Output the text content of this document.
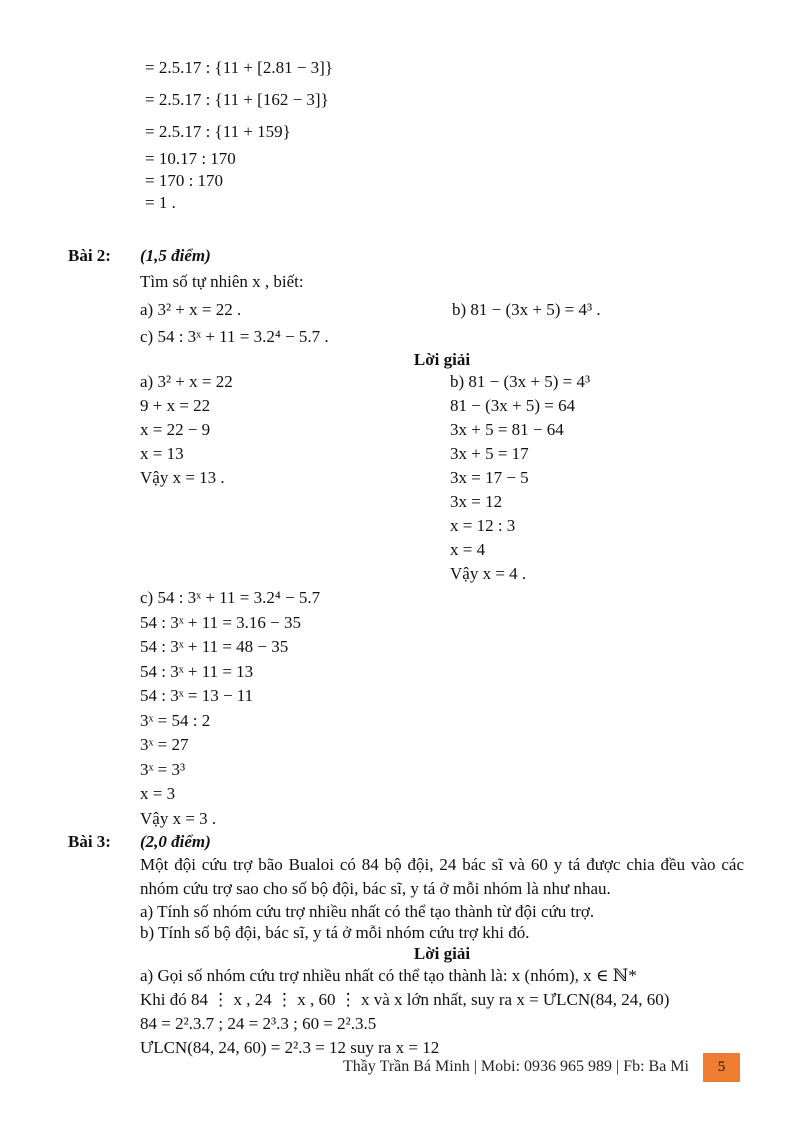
= 2.5.17 : {11 + [2.81 − 3]}
= 2.5.17 : {11 + [162 − 3]}
= 2.5.17 : {11 + 159}
= 10.17 : 170
= 170 : 170
= 1 .
Bài 2: (1,5 điểm)
Tìm số tự nhiên x , biết:
a) 3² + x = 22 .	b) 81 − (3x + 5) = 4³ .
c) 54 : 3ˣ + 11 = 3.2⁴ − 5.7 .
Lời giải
a) 3² + x = 22
9 + x = 22
x = 22 − 9
x = 13
Vậy x = 13 .
b) 81 − (3x + 5) = 4³
81 − (3x + 5) = 64
3x + 5 = 81 − 64
3x + 5 = 17
3x = 17 − 5
3x = 12
x = 12 : 3
x = 4
Vậy x = 4 .
c) 54 : 3ˣ + 11 = 3.2⁴ − 5.7
54 : 3ˣ + 11 = 3.16 − 35
54 : 3ˣ + 11 = 48 − 35
54 : 3ˣ + 11 = 13
54 : 3ˣ = 13 − 11
3ˣ = 54 : 2
3ˣ = 27
3ˣ = 3³
x = 3
Vậy x = 3 .
Bài 3: (2,0 điểm)
Một đội cứu trợ bão Bualoi có 84 bộ đội, 24 bác sĩ và 60 y tá được chia đều vào các nhóm cứu trợ sao cho số bộ đội, bác sĩ, y tá ở mỗi nhóm là như nhau.
a) Tính số nhóm cứu trợ nhiều nhất có thể tạo thành từ đội cứu trợ.
b) Tính số bộ đội, bác sĩ, y tá ở mỗi nhóm cứu trợ khi đó.
Lời giải
a) Gọi số nhóm cứu trợ nhiều nhất có thể tạo thành là: x (nhóm), x ∈ ℕ*
Khi đó 84 ⋮ x , 24 ⋮ x , 60 ⋮ x và x lớn nhất, suy ra x = ƯLCN(84, 24, 60)
84 = 2².3.7 ; 24 = 2³.3 ; 60 = 2².3.5
ƯLCN(84, 24, 60) = 2².3 = 12 suy ra x = 12
Thầy Trần Bá Minh | Mobi: 0936 965 989 | Fb: Ba Mi	5
